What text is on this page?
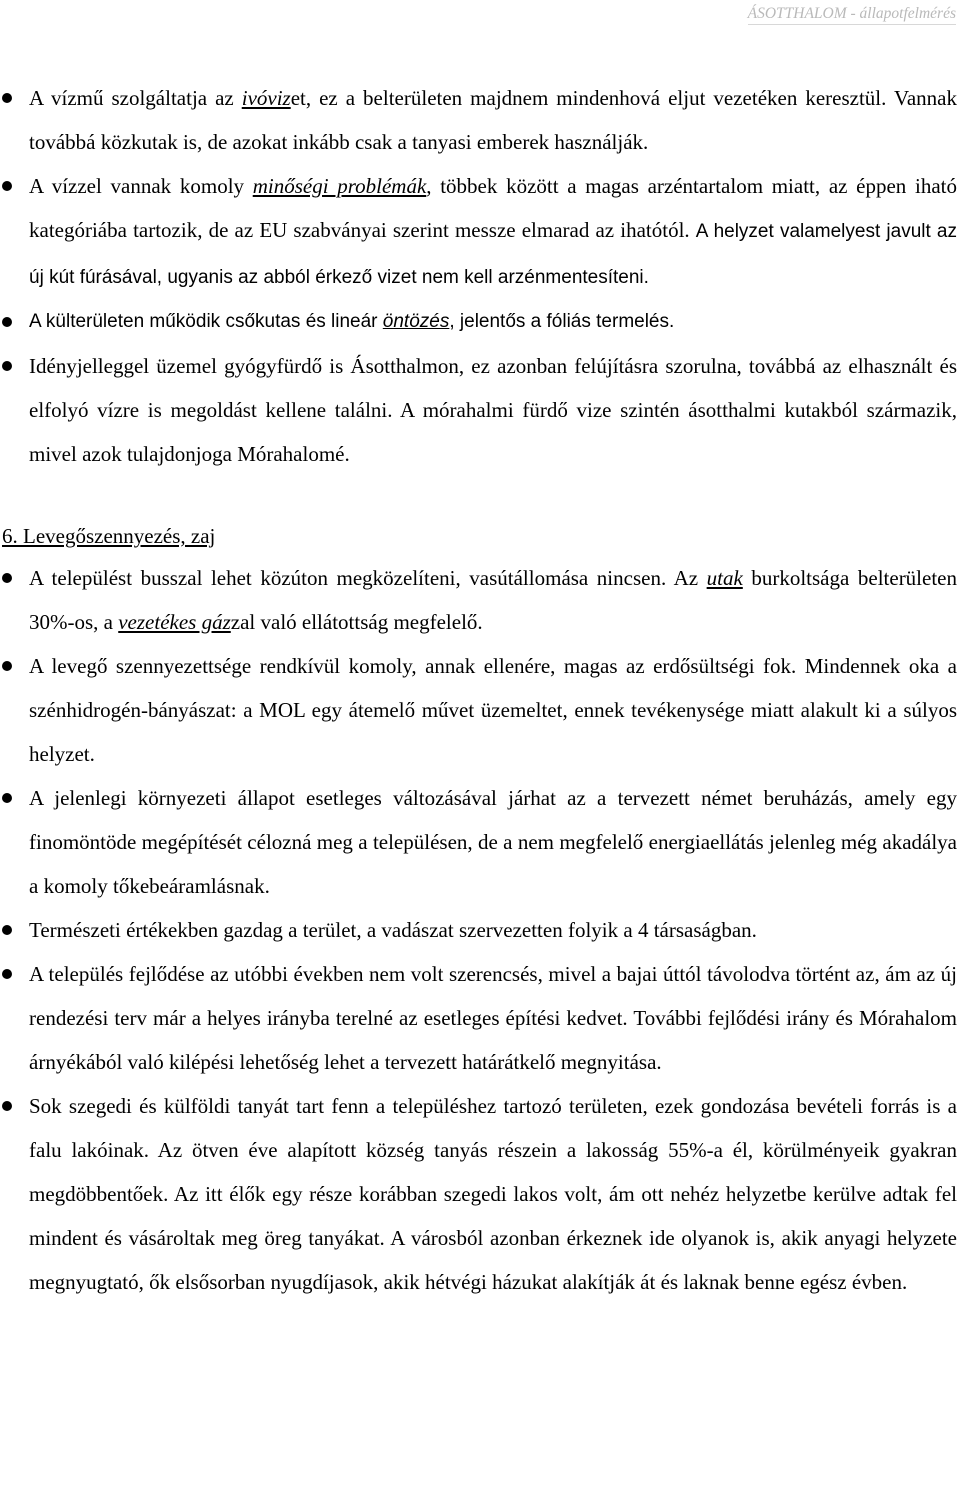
ÁSOTTHALOM - állapotfelmérés
A vízmű szolgáltatja az ivóvizet, ez a belterületen majdnem mindenhová eljut vezetéken keresztül. Vannak továbbá közkutak is, de azokat inkább csak a tanyasi emberek használják.
A vízzel vannak komoly minőségi problémák, többek között a magas arzéntartalom miatt, az éppen iható kategóriába tartozik, de az EU szabványai szerint messze elmarad az ihatótól. A helyzet valamelyest javult az új kút fúrásával, ugyanis az abból érkező vizet nem kell arzénmentesíteni.
A külterületen működik csőkutas és lineár öntözés, jelentős a fóliás termelés.
Idényjelleggel üzemel gyógyfürdő is Ásotthalmon, ez azonban felújításra szorulna, továbbá az elhasznált és elfolyó vízre is megoldást kellene találni. A mórahalmi fürdő vize szintén ásotthalmi kutakból származik, mivel azok tulajdonjoga Mórahalomé.

6. Levegőszennyezés, zaj

A települést busszal lehet közúton megközelíteni, vasútállomása nincsen. Az utak burkoltsága belterületen 30%-os, a vezetékes gázzal való ellátottság megfelelő.
A levegő szennyezettsége rendkívül komoly, annak ellenére, magas az erdősültségi fok. Mindennek oka a szénhidrogén-bányászat: a MOL egy átemelő művet üzemeltet, ennek tevékenysége miatt alakult ki a súlyos helyzet.
A jelenlegi környezeti állapot esetleges változásával járhat az a tervezett német beruházás, amely egy finomöntöde megépítését célozná meg a településen, de a nem megfelelő energiaellátás jelenleg még akadálya a komoly tőkebeáramlásnak.
Természeti értékekben gazdag a terület, a vadászat szervezetten folyik a 4 társaságban.
A település fejlődése az utóbbi években nem volt szerencsés, mivel a bajai úttól távolodva történt az, ám az új rendezési terv már a helyes irányba terelné az esetleges építési kedvet. További fejlődési irány és Mórahalom árnyékából való kilépési lehetőség lehet a tervezett határátkelő megnyitása.
Sok szegedi és külföldi tanyát tart fenn a településhez tartozó területen, ezek gondozása bevételi forrás is a falu lakóinak. Az ötven éve alapított község tanyás részein a lakosság 55%-a él, körülményeik gyakran megdöbbentőek. Az itt élők egy része korábban szegedi lakos volt, ám ott nehéz helyzetbe kerülve adtak fel mindent és vásároltak meg öreg tanyákat. A városból azonban érkeznek ide olyanok is, akik anyagi helyzete megnyugtató, ők elsősorban nyugdíjasok, akik hétvégi házukat alakítják át és laknak benne egész évben.
